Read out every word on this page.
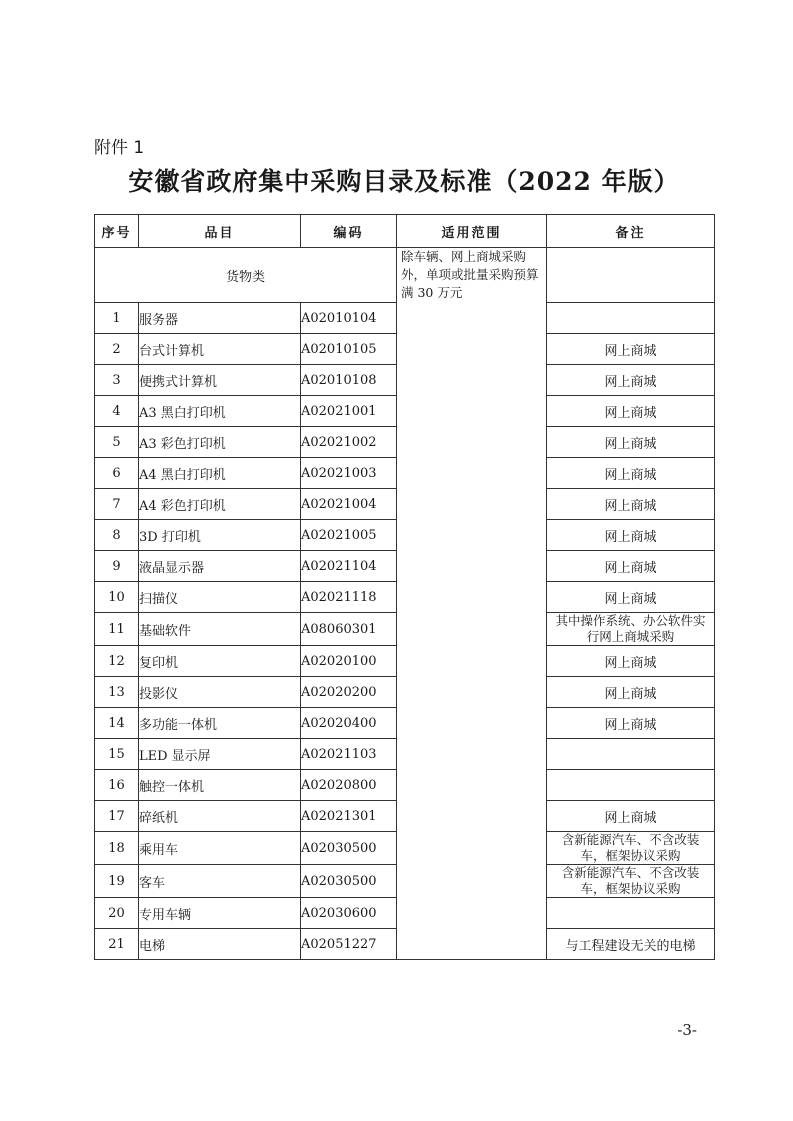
附件 1
安徽省政府集中采购目录及标准（2022 年版）
序号	品目	编码	适用范围	备注
货物类			除车辆、网上商城采购外，单项或批量采购预算满 30 万元	

1	服务器	A02010104		
2	台式计算机	A02010105		网上商城
3	便携式计算机	A02010108		网上商城
4	A3 黑白打印机	A02021001		网上商城
5	A3 彩色打印机	A02021002		网上商城
6	A4 黑白打印机	A02021003		网上商城
7	A4 彩色打印机	A02021004		网上商城
8	3D 打印机	A02021005		网上商城
9	液晶显示器	A02021104		网上商城
10	扫描仪	A02021118		网上商城
11	基础软件	A08060301		其中操作系统、办公软件实行网上商城采购
12	复印机	A02020100		网上商城
13	投影仪	A02020200		网上商城
14	多功能一体机	A02020400		网上商城
15	LED 显示屏	A02021103		
16	触控一体机	A02020800		
17	碎纸机	A02021301		网上商城
18	乘用车	A02030500		含新能源汽车、不含改装车，框架协议采购
19	客车	A02030500		含新能源汽车、不含改装车，框架协议采购
20	专用车辆	A02030600		
21	电梯	A02051227		与工程建设无关的电梯
-3-
